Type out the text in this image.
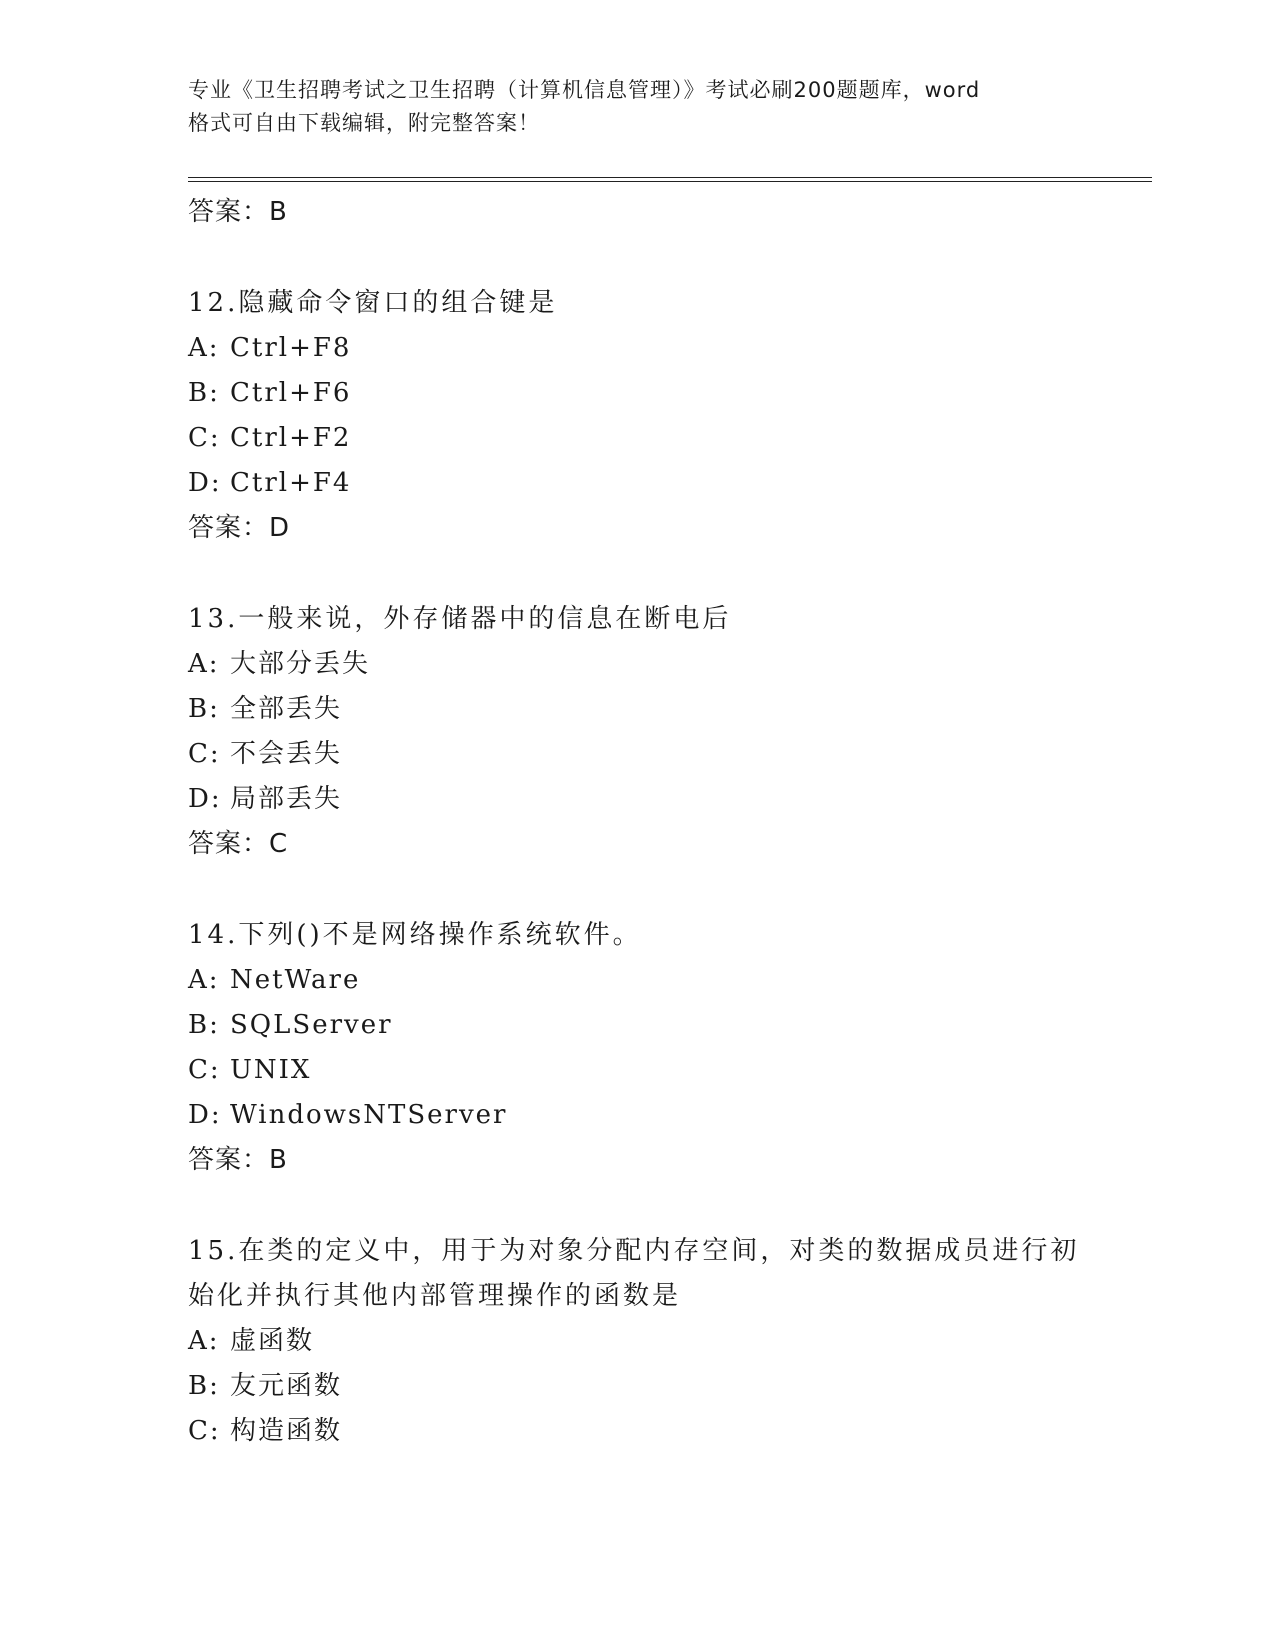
专业《卫生招聘考试之卫生招聘（计算机信息管理）》考试必刷200题题库，word
格式可自由下载编辑，附完整答案！
答案：B
12.隐藏命令窗口的组合键是
A: Ctrl+F8
B: Ctrl+F6
C: Ctrl+F2
D: Ctrl+F4
答案：D
13.一般来说，外存储器中的信息在断电后
A: 大部分丢失
B: 全部丢失
C: 不会丢失
D: 局部丢失
答案：C
14.下列()不是网络操作系统软件。
A: NetWare
B: SQLServer
C: UNIX
D: WindowsNTServer
答案：B
15.在类的定义中，用于为对象分配内存空间，对类的数据成员进行初
始化并执行其他内部管理操作的函数是
A: 虚函数
B: 友元函数
C: 构造函数
